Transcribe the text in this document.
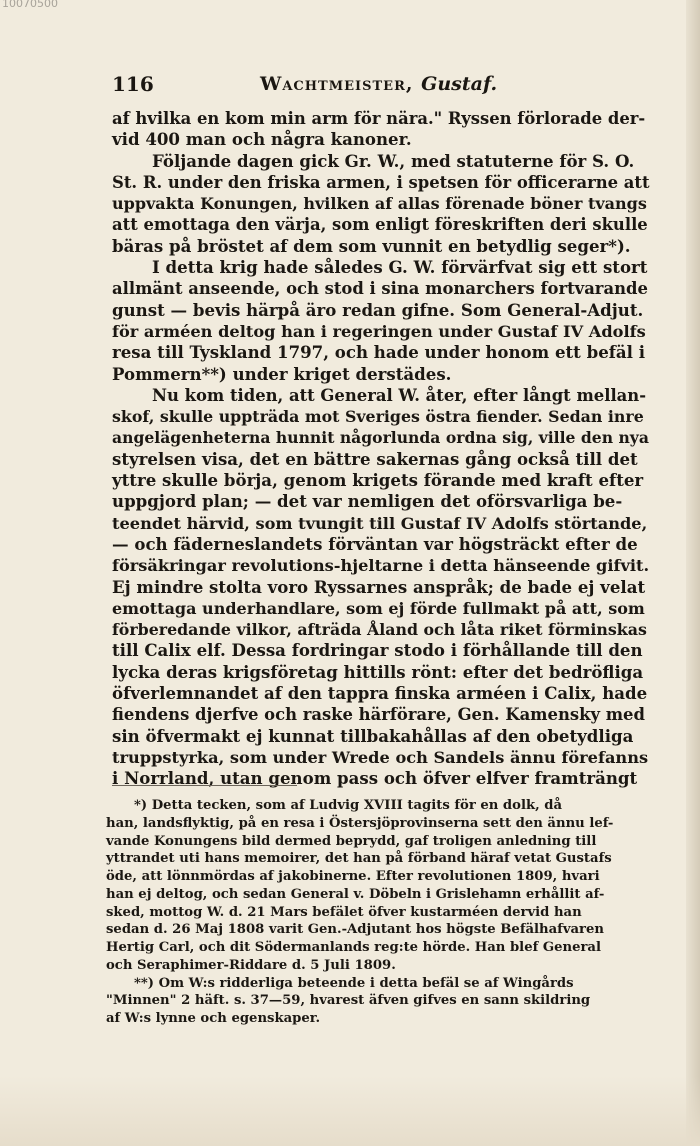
10070500
116	Wachtmeister, Gustaf.
af hvilka en kom min arm för nära." Ryssen förlorade der-
vid 400 man och några kanoner.
Följande dagen gick Gr. W., med statuterne för S. O.
St. R. under den friska armen, i spetsen för officerarne att
uppvakta Konungen, hvilken af allas förenade böner tvangs
att emottaga den värja, som enligt föreskriften deri skulle
bäras på bröstet af dem som vunnit en betydlig seger*).
I detta krig hade således G. W. förvärfvat sig ett stort
allmänt anseende, och stod i sina monarchers fortvarande
gunst — bevis härpå äro redan gifne. Som General-Adjut.
för arméen deltog han i regeringen under Gustaf IV Adolfs
resa till Tyskland 1797, och hade under honom ett befäl i
Pommern**) under kriget derstädes.
Nu kom tiden, att General W. åter, efter långt mellan-
skof, skulle uppträda mot Sveriges östra fiender. Sedan inre
angelägenheterna hunnit någorlunda ordna sig, ville den nya
styrelsen visa, det en bättre sakernas gång också till det
yttre skulle börja, genom krigets förande med kraft efter
uppgjord plan; — det var nemligen det oförsvarliga be-
teendet härvid, som tvungit till Gustaf IV Adolfs störtande,
— och fäderneslandets förväntan var högsträckt efter de
försäkringar revolutions-hjeltarne i detta hänseende gifvit.
Ej mindre stolta voro Ryssarnes anspråk; de bade ej velat
emottaga underhandlare, som ej förde fullmakt på att, som
förberedande vilkor, afträda Åland och låta riket förminskas
till Calix elf. Dessa fordringar stodo i förhållande till den
lycka deras krigsföretag hittills rönt: efter det bedröfliga
öfverlemnandet af den tappra finska arméen i Calix, hade
fiendens djerfve och raske härförare, Gen. Kamensky med
sin öfvermakt ej kunnat tillbakahållas af den obetydliga
truppstyrka, som under Wrede och Sandels ännu förefanns
i Norrland, utan genom pass och öfver elfver framträngt
*) Detta tecken, som af Ludvig XVIII tagits för en dolk, då
han, landsflyktig, på en resa i Östersjöprovinserna sett den ännu lef-
vande Konungens bild dermed beprydd, gaf troligen anledning till
yttrandet uti hans memoirer, det han på förband häraf vetat Gustafs
öde, att lönnmördas af jakobinerne. Efter revolutionen 1809, hvari
han ej deltog, och sedan General v. Döbeln i Grislehamn erhållit af-
sked, mottog W. d. 21 Mars befälet öfver kustarméen dervid han
sedan d. 26 Maj 1808 varit Gen.-Adjutant hos högste Befälhafvaren
Hertig Carl, och dit Södermanlands reg:te hörde. Han blef General
och Seraphimer-Riddare d. 5 Juli 1809.
**) Om W:s ridderliga beteende i detta befäl se af Wingårds
"Minnen" 2 häft. s. 37—59, hvarest äfven gifves en sann skildring
af W:s lynne och egenskaper.
